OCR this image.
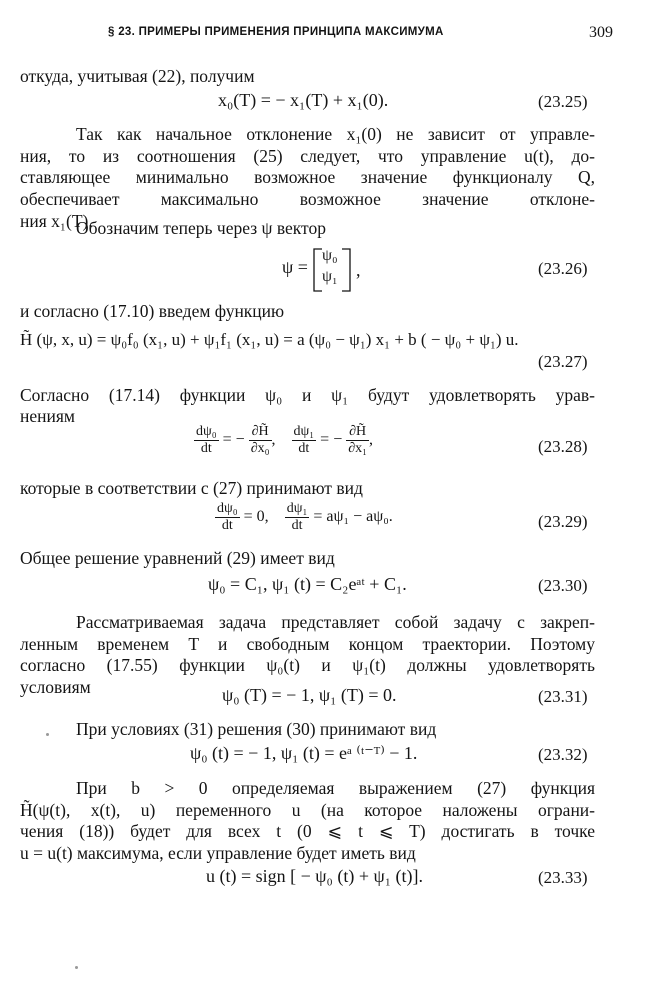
§ 23. ПРИМЕРЫ ПРИМЕНЕНИЯ ПРИНЦИПА МАКСИМУМА	309
откуда, учитывая (22), получим
x₀(T) = − x₁(T) + x₁(0).	(23.25)
Так как начальное отклонение x₁(0) не зависит от управле-
ния, то из соотношения (25) следует, что управление u(t), до-
ставляющее минимально возможное значение функционалу Q,
обеспечивает максимально возможное значение отклоне-
ния x₁(T).
Обозначим теперь через ψ вектор
ψ =
ψ₀
ψ₁ ,	(23.26)
и согласно (17.10) введем функцию
H̃ (ψ, x, u) = ψ₀f₀ (x₁, u) + ψ₁f₁ (x₁, u) = a (ψ₀ − ψ₁) x₁ + b ( − ψ₀ + ψ₁) u.
(23.27)
Согласно (17.14) функции ψ₀ и ψ₁ будут удовлетворять урав-
нениям
$\frac{\text{dψ₀}}{dt}$ = − $\frac{\partial H̃}{\text{∂x₀}}$ , $\frac{\text{dψ₁}}{dt}$ = − $\frac{\partial H̃}{\text{∂x₁}}$ ,	(23.28)
которые в соответствии с (27) принимают вид
$\frac{\text{dψ₀}}{dt} = 0$, $\frac{\text{dψ₁}}{dt} = a\psi_1 - a\psi_0$.	(23.29)
Общее решение уравнений (29) имеет вид
ψ₀ = C₁, ψ₁ (t) = C₂eᵃᵗ + C₁.	(23.30)
Рассматриваемая задача представляет собой задачу с закреп-
ленным временем T и свободным концом траектории. Поэтому
согласно (17.55) функции ψ₀(t) и ψ₁(t) должны удовлетворять
условиям	ψ₀ (T) = − 1, ψ₁ (T) = 0.	(23.31)
При условиях (31) решения (30) принимают вид
ψ₀ (t) = − 1, ψ₁ (t) = eᵃ ⁽ᵗ⁻ᵀ⁾ − 1.	(23.32)
При b > 0 определяемая выражением (27) функция
H̃(ψ(t), x(t), u) переменного u (на которое наложены ограни-
чения (18)) будет для всех t (0 ⩽ t ⩽ T) достигать в точке
u = u(t) максимума, если управление будет иметь вид
u (t) = sign [ − ψ₀ (t) + ψ₁ (t)].	(23.33)
